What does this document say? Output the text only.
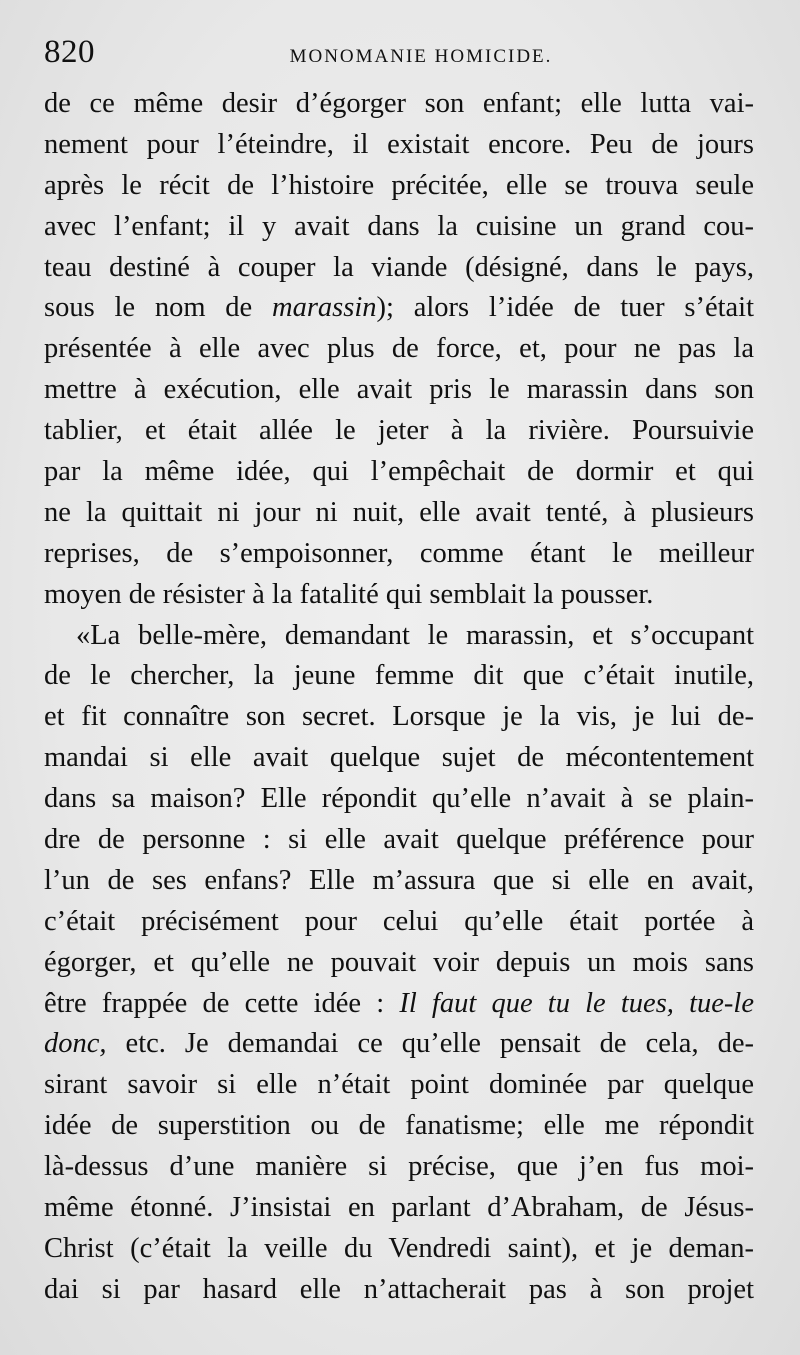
820	MONOMANIE HOMICIDE.
de ce même desir d’égorger son enfant; elle lutta vai-
nement pour l’éteindre, il existait encore. Peu de jours
après le récit de l’histoire précitée, elle se trouva seule
avec l’enfant; il y avait dans la cuisine un grand cou-
teau destiné à couper la viande (désigné, dans le pays,
sous le nom de marassin); alors l’idée de tuer s’était
présentée à elle avec plus de force, et, pour ne pas la
mettre à exécution, elle avait pris le marassin dans son
tablier, et était allée le jeter à la rivière. Poursuivie
par la même idée, qui l’empêchait de dormir et qui
ne la quittait ni jour ni nuit, elle avait tenté, à plusieurs
reprises, de s’empoisonner, comme étant le meilleur
moyen de résister à la fatalité qui semblait la pousser.
«La belle-mère, demandant le marassin, et s’occupant
de le chercher, la jeune femme dit que c’était inutile,
et fit connaître son secret. Lorsque je la vis, je lui de-
mandai si elle avait quelque sujet de mécontentement
dans sa maison? Elle répondit qu’elle n’avait à se plain-
dre de personne : si elle avait quelque préférence pour
l’un de ses enfans? Elle m’assura que si elle en avait,
c’était précisément pour celui qu’elle était portée à
égorger, et qu’elle ne pouvait voir depuis un mois sans
être frappée de cette idée : Il faut que tu le tues, tue-le
donc, etc. Je demandai ce qu’elle pensait de cela, de-
sirant savoir si elle n’était point dominée par quelque
idée de superstition ou de fanatisme; elle me répondit
là-dessus d’une manière si précise, que j’en fus moi-
même étonné. J’insistai en parlant d’Abraham, de Jésus-
Christ (c’était la veille du Vendredi saint), et je deman-
dai si par hasard elle n’attacherait pas à son projet
